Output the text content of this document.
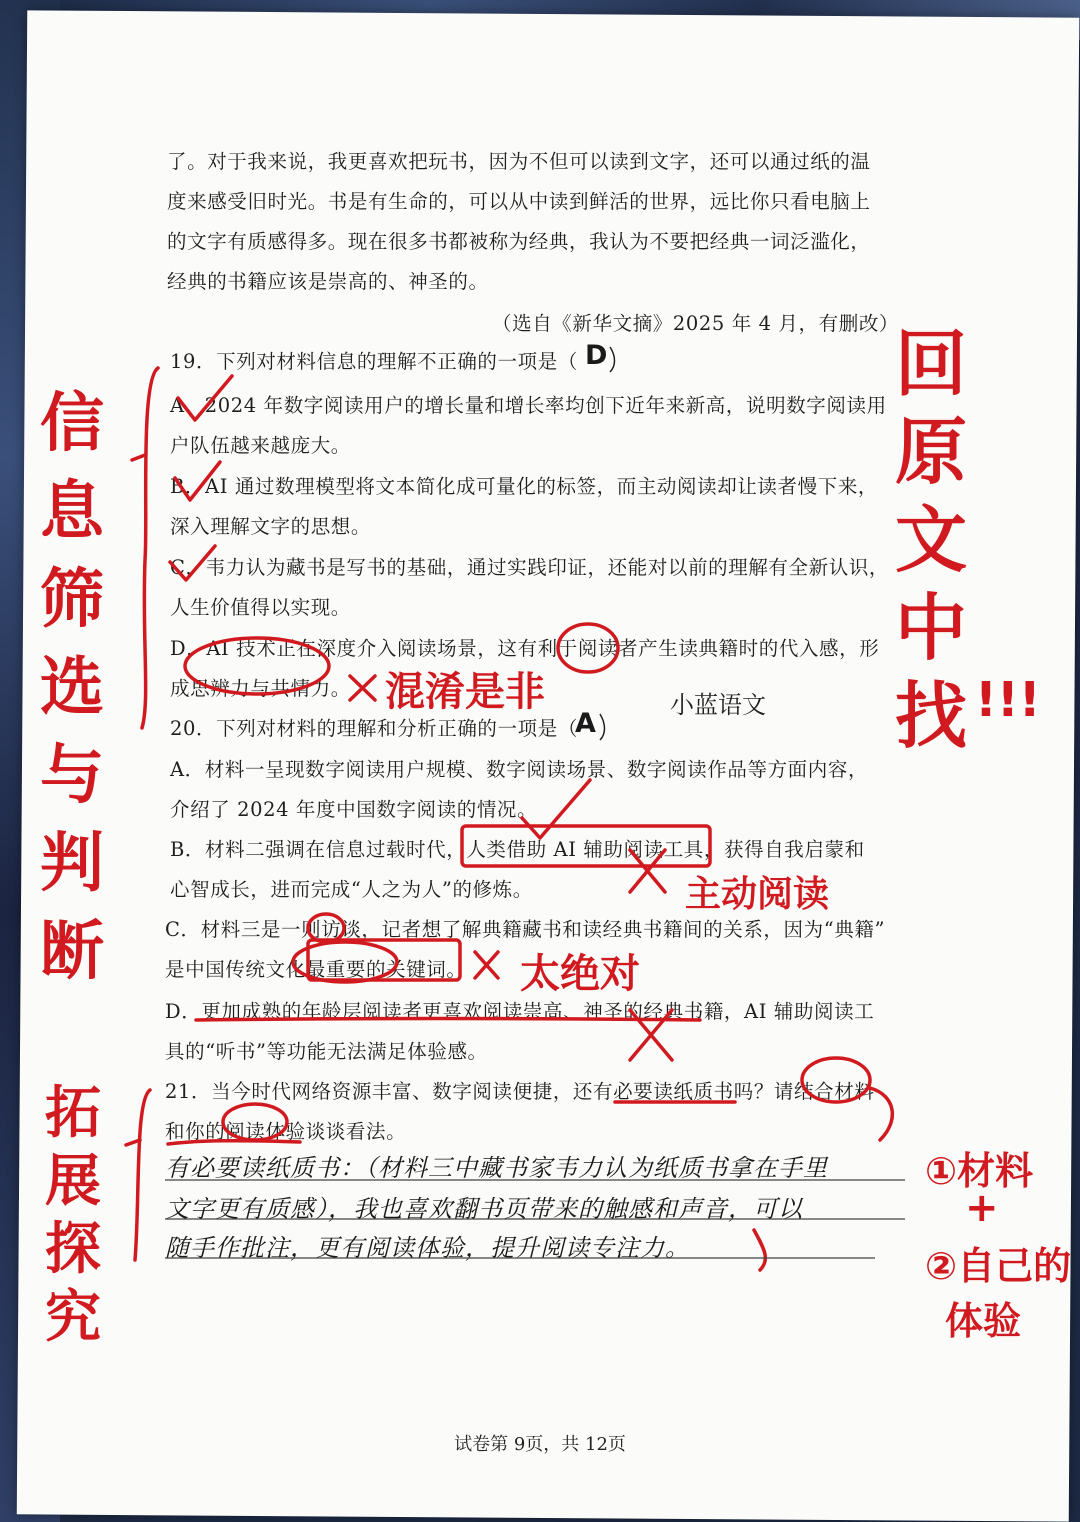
了。对于我来说，我更喜欢把玩书，因为不但可以读到文字，还可以通过纸的温
度来感受旧时光。书是有生命的，可以从中读到鲜活的世界，远比你只看电脑上
的文字有质感得多。现在很多书都被称为经典，我认为不要把经典一词泛滥化，
经典的书籍应该是崇高的、神圣的。
（选自《新华文摘》2025 年 4 月，有删改）
19．下列对材料信息的理解不正确的一项是（ D
A．2024 年数字阅读用户的增长量和增长率均创下近年来新高，说明数字阅读用
户队伍越来越庞大。
B．AI 通过数理模型将文本简化成可量化的标签，而主动阅读却让读者慢下来，
深入理解文字的思想。
C．韦力认为藏书是写书的基础，通过实践印证，还能对以前的理解有全新认识，
人生价值得以实现。
D．AI 技术正在深度介入阅读场景，这有利于阅读者产生读典籍时的代入感，形
成思辨力与共情力。
20．下列对材料的理解和分析正确的一项是（
A
A．材料一呈现数字阅读用户规模、数字阅读场景、数字阅读作品等方面内容，
介绍了 2024 年度中国数字阅读的情况。
B．材料二强调在信息过载时代，人类借助 AI 辅助阅读工具，获得自我启蒙和
心智成长，进而完成“人之为人”的修炼。
C．材料三是一则访谈，记者想了解典籍藏书和读经典书籍间的关系，因为“典籍”
是中国传统文化最重要的关键词。
D．更加成熟的年龄层阅读者更喜欢阅读崇高、神圣的经典书籍，AI 辅助阅读工
具的“听书”等功能无法满足体验感。
21．当今时代网络资源丰富、数字阅读便捷，还有必要读纸质书吗？请结合材料
和你的阅读体验谈谈看法。
有必要读纸质书：（材料三中藏书家韦力认为纸质书拿在手里
文字更有质感），我也喜欢翻书页带来的触感和声音，可以
随手作批注，更有阅读体验，提升阅读专注力。
信
息
筛
选
与
判
断
拓
展
探
究
回
原
文
中
找 !!!
混淆是非
主动阅读
太绝对
小蓝语文
①材料
+
②自己的
体验
试卷第 9页，共 12页
